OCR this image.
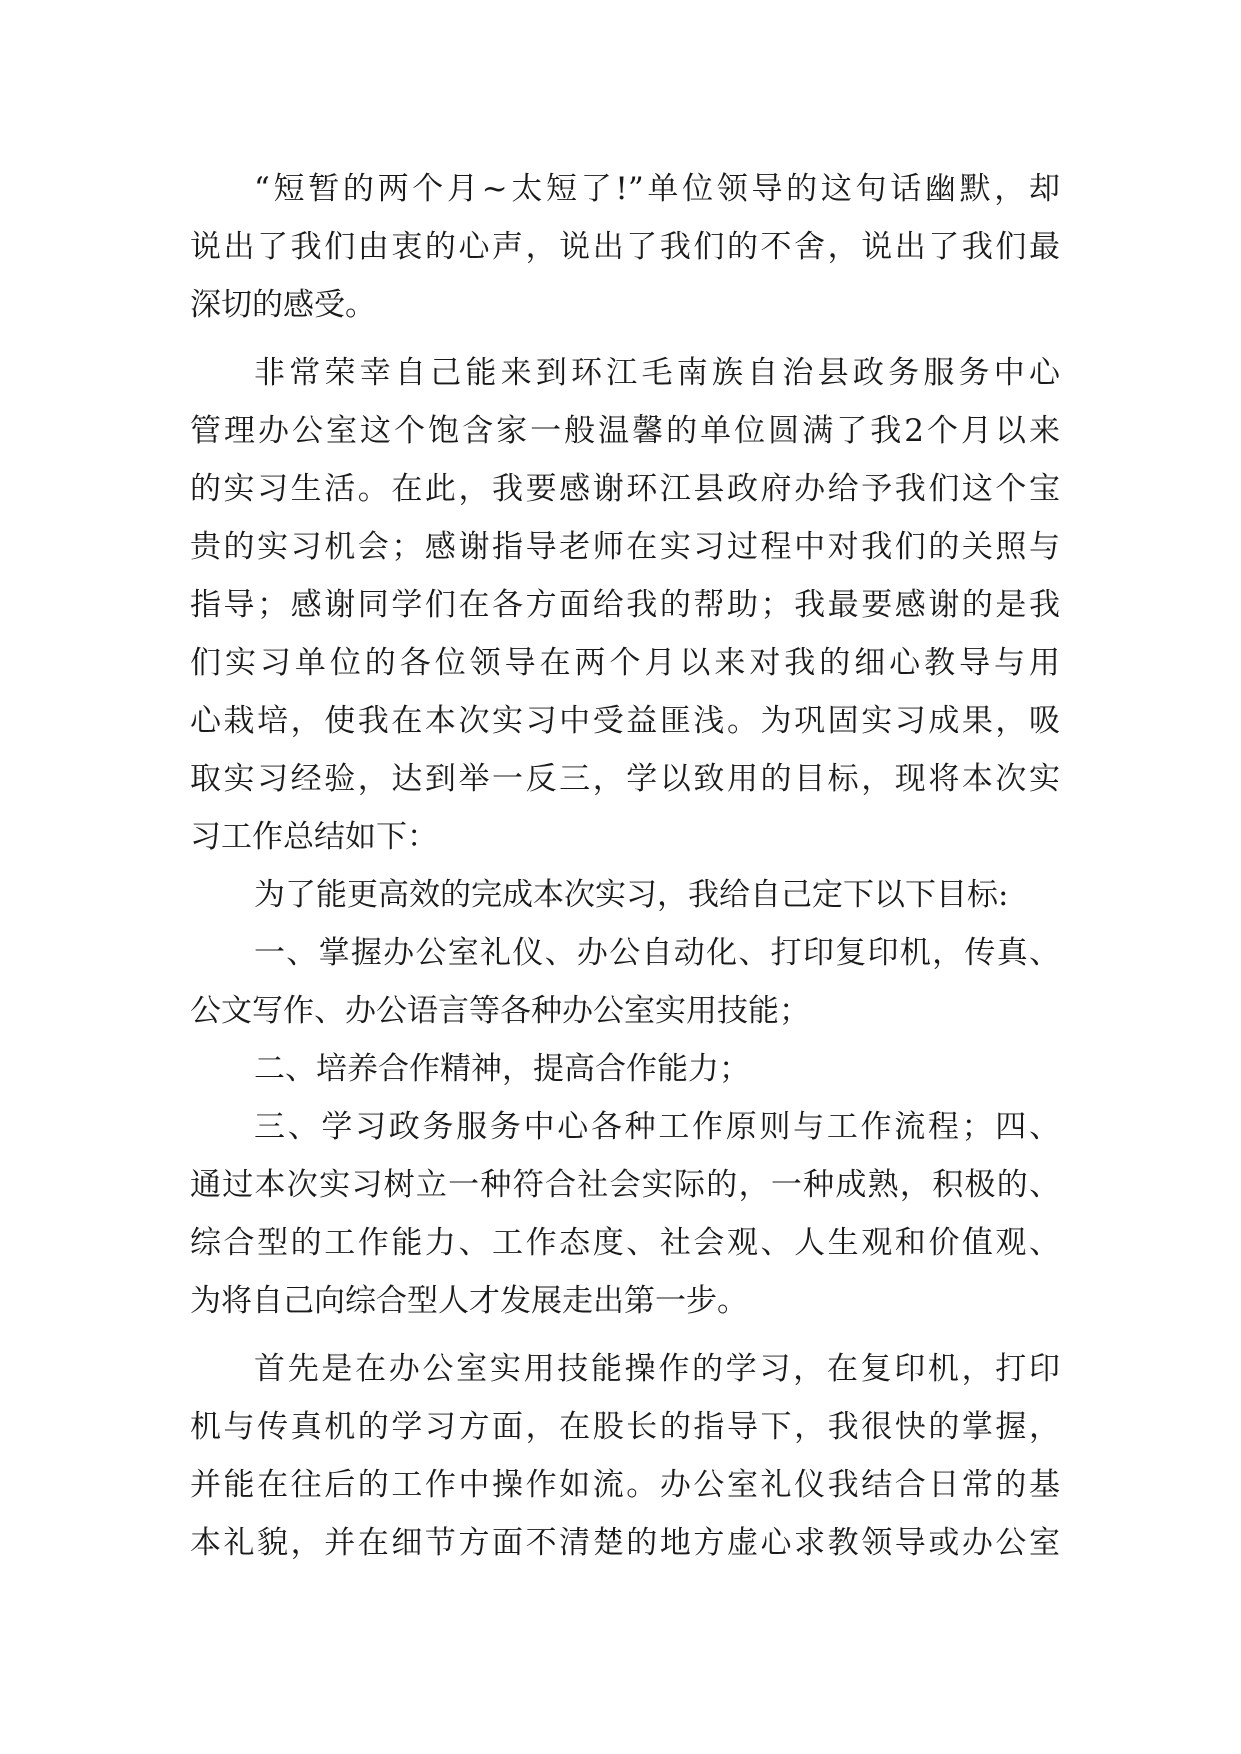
“短暂的两个月~太短了!”单位领导的这句话幽默，却
说出了我们由衷的心声，说出了我们的不舍，说出了我们最
深切的感受。
非常荣幸自己能来到环江毛南族自治县政务服务中心
管理办公室这个饱含家一般温馨的单位圆满了我2个月以来
的实习生活。在此，我要感谢环江县政府办给予我们这个宝
贵的实习机会；感谢指导老师在实习过程中对我们的关照与
指导；感谢同学们在各方面给我的帮助；我最要感谢的是我
们实习单位的各位领导在两个月以来对我的细心教导与用
心栽培，使我在本次实习中受益匪浅。为巩固实习成果，吸
取实习经验，达到举一反三，学以致用的目标，现将本次实
习工作总结如下：
为了能更高效的完成本次实习，我给自己定下以下目标:
一、掌握办公室礼仪、办公自动化、打印复印机，传真、
公文写作、办公语言等各种办公室实用技能；
二、培养合作精神，提高合作能力；
三、学习政务服务中心各种工作原则与工作流程；四、
通过本次实习树立一种符合社会实际的，一种成熟，积极的、
综合型的工作能力、工作态度、社会观、人生观和价值观、
为将自己向综合型人才发展走出第一步。
首先是在办公室实用技能操作的学习，在复印机，打印
机与传真机的学习方面，在股长的指导下，我很快的掌握，
并能在往后的工作中操作如流。办公室礼仪我结合日常的基
本礼貌，并在细节方面不清楚的地方虚心求教领导或办公室
